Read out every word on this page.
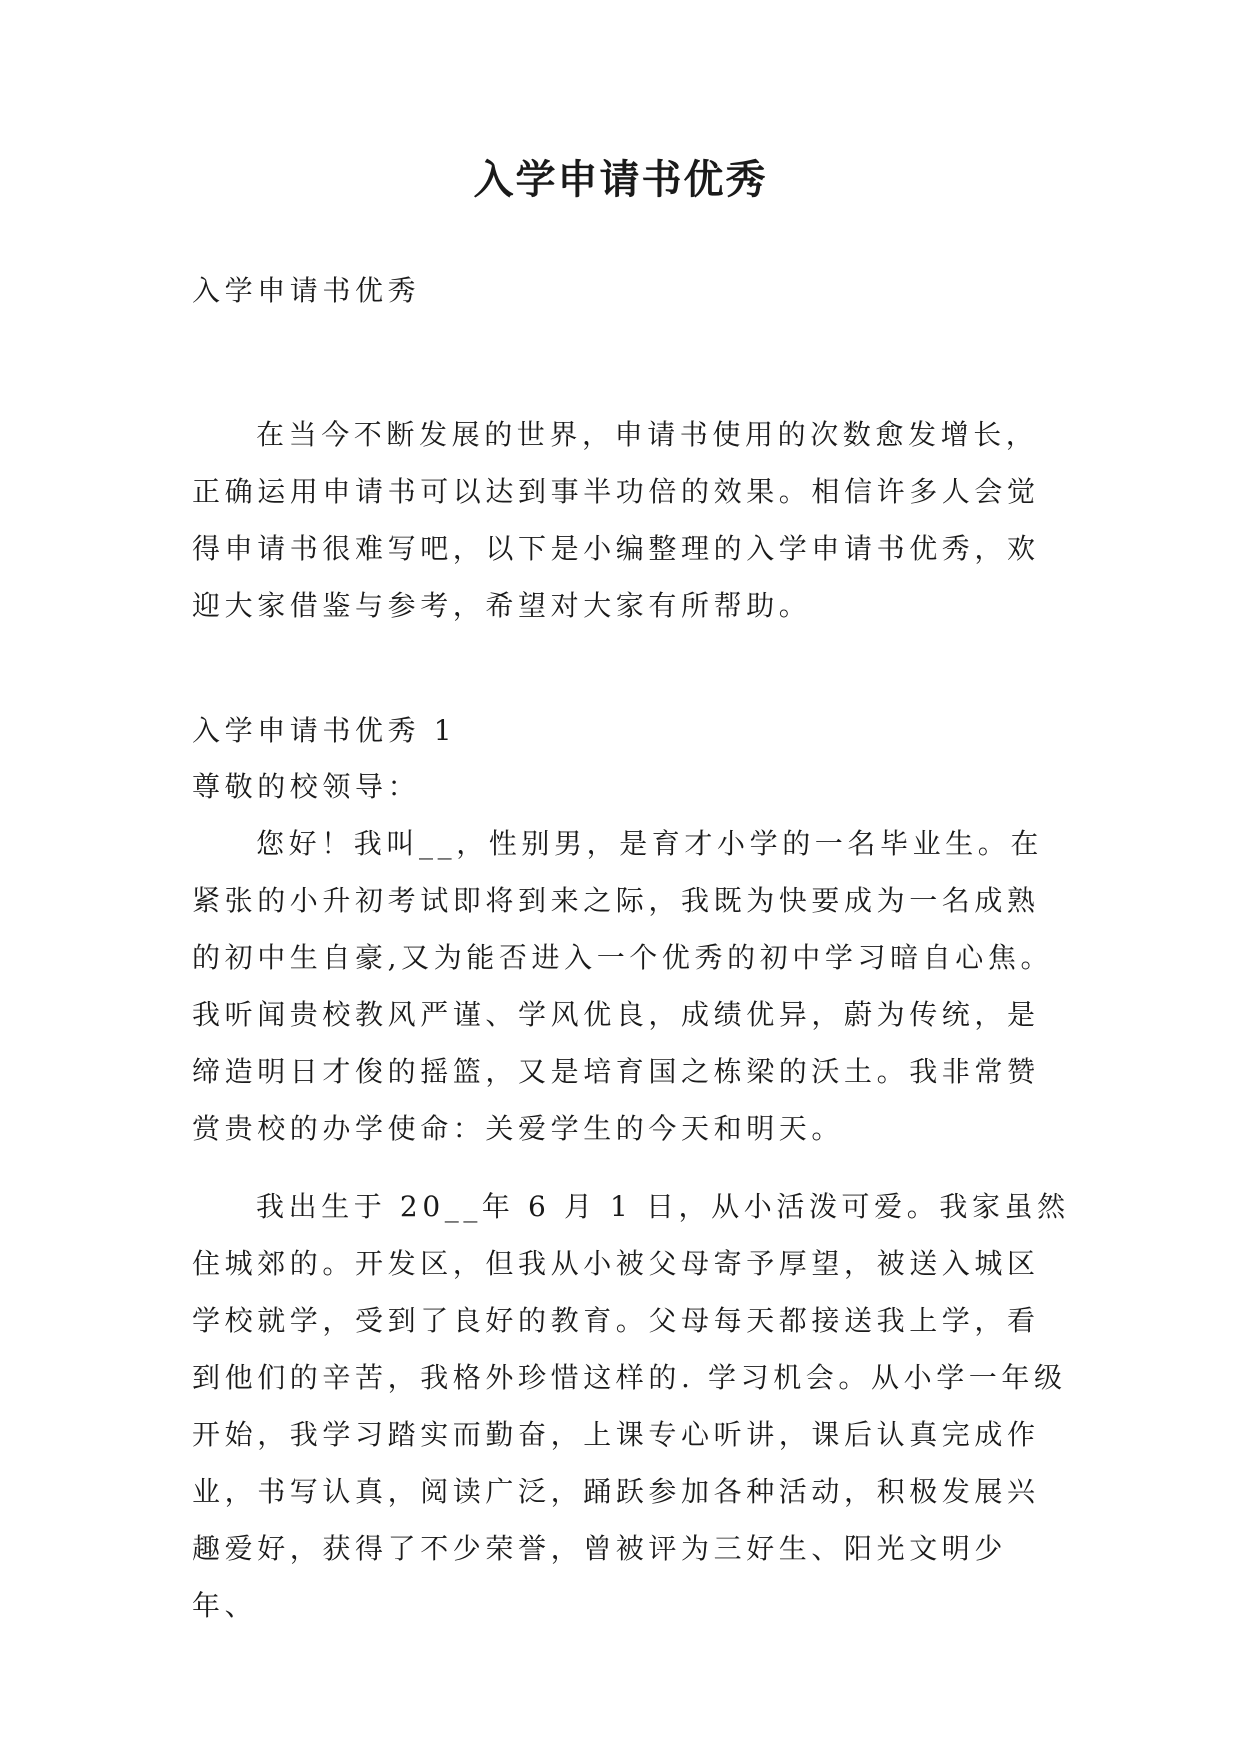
入学申请书优秀
入学申请书优秀
在当今不断发展的世界，申请书使用的次数愈发增长，正确运用申请书可以达到事半功倍的效果。相信许多人会觉得申请书很难写吧，以下是小编整理的入学申请书优秀，欢迎大家借鉴与参考，希望对大家有所帮助。
入学申请书优秀 1
尊敬的校领导：
您好！我叫__，性别男，是育才小学的一名毕业生。在紧张的小升初考试即将到来之际，我既为快要成为一名成熟的初中生自豪,又为能否进入一个优秀的初中学习暗自心焦。我听闻贵校教风严谨、学风优良，成绩优异，蔚为传统，是缔造明日才俊的摇篮，又是培育国之栋梁的沃土。我非常赞赏贵校的办学使命：关爱学生的今天和明天。
我出生于 20__年 6 月 1 日，从小活泼可爱。我家虽然住城郊的。开发区，但我从小被父母寄予厚望，被送入城区学校就学，受到了良好的教育。父母每天都接送我上学，看到他们的辛苦，我格外珍惜这样的. 学习机会。从小学一年级开始，我学习踏实而勤奋，上课专心听讲，课后认真完成作业，书写认真，阅读广泛，踊跃参加各种活动，积极发展兴趣爱好，获得了不少荣誉，曾被评为三好生、阳光文明少年、
